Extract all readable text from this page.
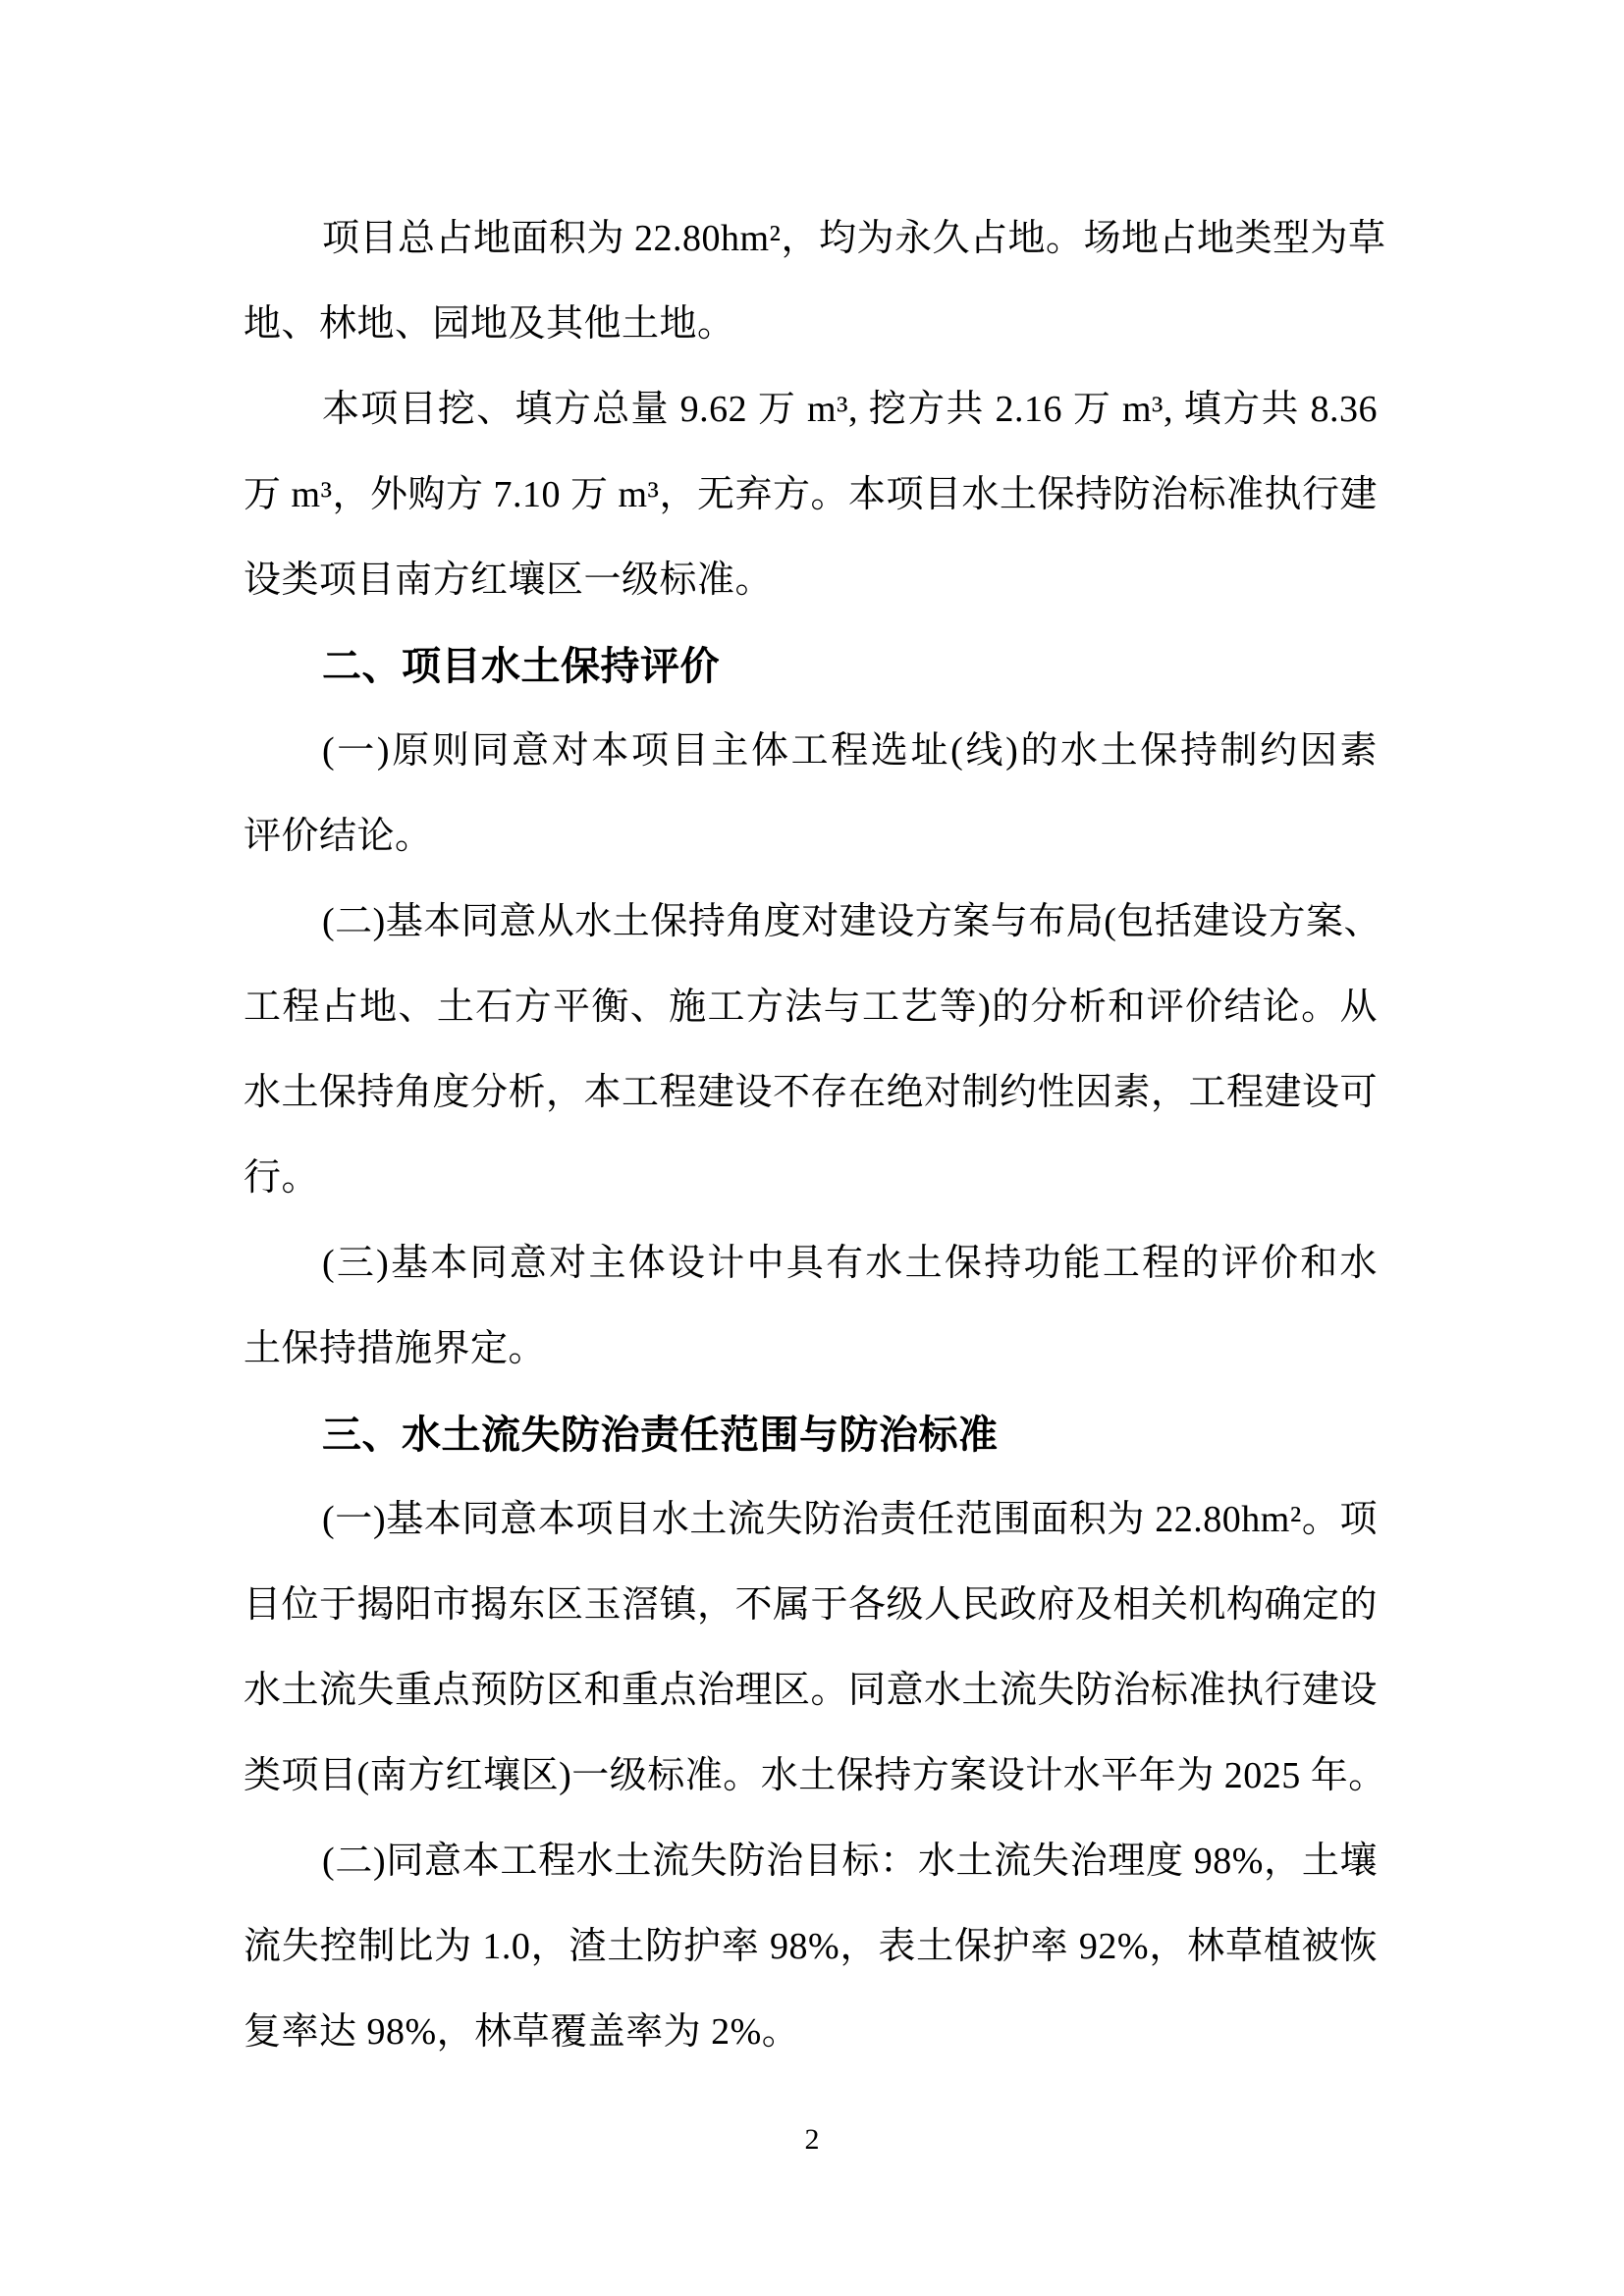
项目总占地面积为 22.80hm²，均为永久占地。场地占地类型为草
地、林地、园地及其他土地。
本项目挖、填方总量 9.62 万 m³, 挖方共 2.16 万 m³, 填方共 8.36
万 m³，外购方 7.10 万 m³，无弃方。本项目水土保持防治标准执行建
设类项目南方红壤区一级标准。
二、项目水土保持评价
(一)原则同意对本项目主体工程选址(线)的水土保持制约因素
评价结论。
(二)基本同意从水土保持角度对建设方案与布局(包括建设方案、
工程占地、土石方平衡、施工方法与工艺等)的分析和评价结论。从
水土保持角度分析，本工程建设不存在绝对制约性因素，工程建设可
行。
(三)基本同意对主体设计中具有水土保持功能工程的评价和水
土保持措施界定。
三、水土流失防治责任范围与防治标准
(一)基本同意本项目水土流失防治责任范围面积为 22.80hm²。项
目位于揭阳市揭东区玉滘镇，不属于各级人民政府及相关机构确定的
水土流失重点预防区和重点治理区。同意水土流失防治标准执行建设
类项目(南方红壤区)一级标准。水土保持方案设计水平年为 2025 年。
(二)同意本工程水土流失防治目标：水土流失治理度 98%，土壤
流失控制比为 1.0，渣土防护率 98%，表土保护率 92%，林草植被恢
复率达 98%，林草覆盖率为 2%。
2
